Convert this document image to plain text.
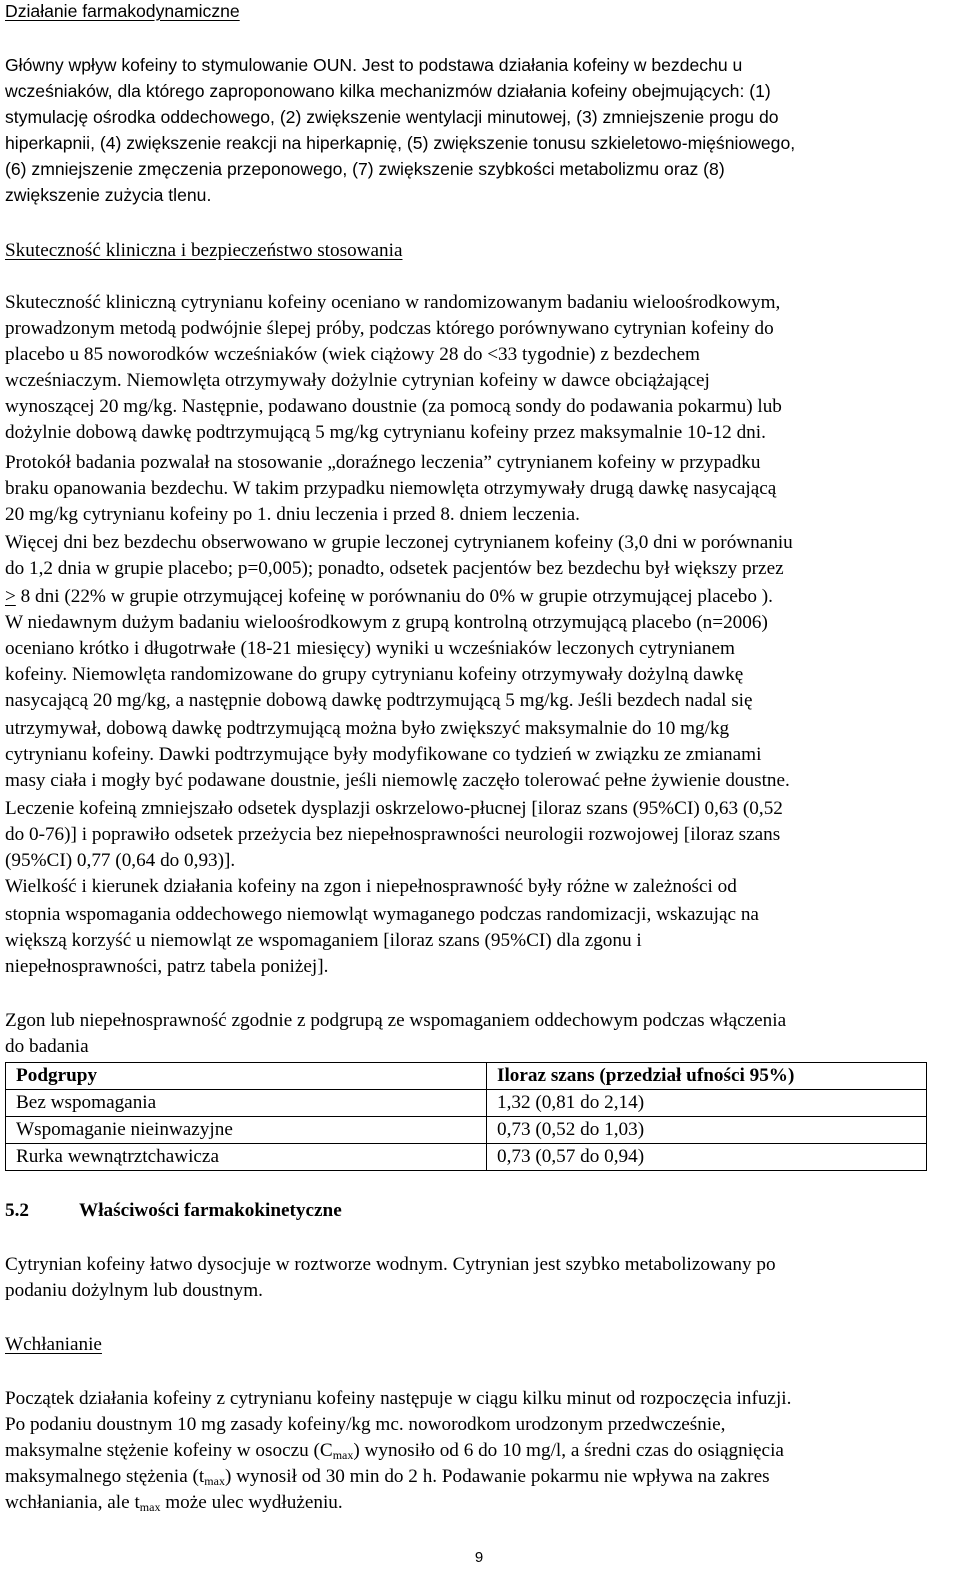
Działanie farmakodynamiczne
Główny wpływ kofeiny to stymulowanie OUN. Jest to podstawa działania kofeiny w bezdechu u
wcześniaków, dla którego zaproponowano kilka mechanizmów działania kofeiny obejmujących: (1)
stymulację ośrodka oddechowego, (2) zwiększenie wentylacji minutowej, (3) zmniejszenie progu do
hiperkapnii, (4) zwiększenie reakcji na hiperkapnię, (5) zwiększenie tonusu szkieletowo-mięśniowego,
(6) zmniejszenie zmęczenia przeponowego, (7) zwiększenie szybkości metabolizmu oraz (8)
zwiększenie zużycia tlenu.
Skuteczność kliniczna i bezpieczeństwo stosowania
Skuteczność kliniczną cytrynianu kofeiny oceniano w randomizowanym badaniu wieloośrodkowym,
prowadzonym metodą podwójnie ślepej próby, podczas którego porównywano cytrynian kofeiny do
placebo u 85 noworodków wcześniaków (wiek ciążowy 28 do <33 tygodnie) z bezdechem
wcześniaczym. Niemowlęta otrzymywały dożylnie cytrynian kofeiny w dawce obciążającej
wynoszącej 20 mg/kg. Następnie, podawano doustnie (za pomocą sondy do podawania pokarmu) lub
dożylnie dobową dawkę podtrzymującą 5 mg/kg cytrynianu kofeiny przez maksymalnie 10-12 dni.
Protokół badania pozwalał na stosowanie „doraźnego leczenia” cytrynianem kofeiny w przypadku
braku opanowania bezdechu. W takim przypadku niemowlęta otrzymywały drugą dawkę nasycającą
20 mg/kg cytrynianu kofeiny po 1. dniu leczenia i przed 8. dniem leczenia.
Więcej dni bez bezdechu obserwowano w grupie leczonej cytrynianem kofeiny (3,0 dni w porównaniu
do 1,2 dnia w grupie placebo; p=0,005); ponadto, odsetek pacjentów bez bezdechu był większy przez
≥ 8 dni (22% w grupie otrzymującej kofeinę w porównaniu do 0% w grupie otrzymującej placebo ).
W niedawnym dużym badaniu wieloośrodkowym z grupą kontrolną otrzymującą placebo (n=2006)
oceniano krótko i długotrwałe (18-21 miesięcy) wyniki u wcześniaków leczonych cytrynianem
kofeiny. Niemowlęta randomizowane do grupy cytrynianu kofeiny otrzymywały dożylną dawkę
nasycającą 20 mg/kg, a następnie dobową dawkę podtrzymującą 5 mg/kg. Jeśli bezdech nadal się
utrzymywał, dobową dawkę podtrzymującą można było zwiększyć maksymalnie do 10 mg/kg
cytrynianu kofeiny. Dawki podtrzymujące były modyfikowane co tydzień w związku ze zmianami
masy ciała i mogły być podawane doustnie, jeśli niemowlę zaczęło tolerować pełne żywienie doustne.
Leczenie kofeiną zmniejszało odsetek dysplazji oskrzelowo-płucnej [iloraz szans (95%CI) 0,63 (0,52
do 0-76)] i poprawiło odsetek przeżycia bez niepełnosprawności neurologii rozwojowej [iloraz szans
(95%CI) 0,77 (0,64 do 0,93)].
Wielkość i kierunek działania kofeiny na zgon i niepełnosprawność były różne w zależności od
stopnia wspomagania oddechowego niemowląt wymaganego podczas randomizacji, wskazując na
większą korzyść u niemowląt ze wspomaganiem [iloraz szans (95%CI) dla zgonu i
niepełnosprawności, patrz tabela poniżej].
Zgon lub niepełnosprawność zgodnie z podgrupą ze wspomaganiem oddechowym podczas włączenia
do badania
Podgrupy	Iloraz szans (przedział ufności 95%)
Bez wspomagania	1,32 (0,81 do 2,14)
Wspomaganie nieinwazyjne	0,73 (0,52 do 1,03)
Rurka wewnątrztchawicza	0,73 (0,57 do 0,94)
5.2	Właściwości farmakokinetyczne
Cytrynian kofeiny łatwo dysocjuje w roztworze wodnym. Cytrynian jest szybko metabolizowany po
podaniu dożylnym lub doustnym.
Wchłanianie
Początek działania kofeiny z cytrynianu kofeiny następuje w ciągu kilku minut od rozpoczęcia infuzji.
Po podaniu doustnym 10 mg zasady kofeiny/kg mc. noworodkom urodzonym przedwcześnie,
maksymalne stężenie kofeiny w osoczu $(C_{max})$ wynosiło od 6 do 10 mg/l, a średni czas do osiągnięcia
maksymalnego stężenia $(t_{max})$ wynosił od 30 min do 2 h. Podawanie pokarmu nie wpływa na zakres
wchłaniania, ale $t_{max}$ może ulec wydłużeniu.
9
